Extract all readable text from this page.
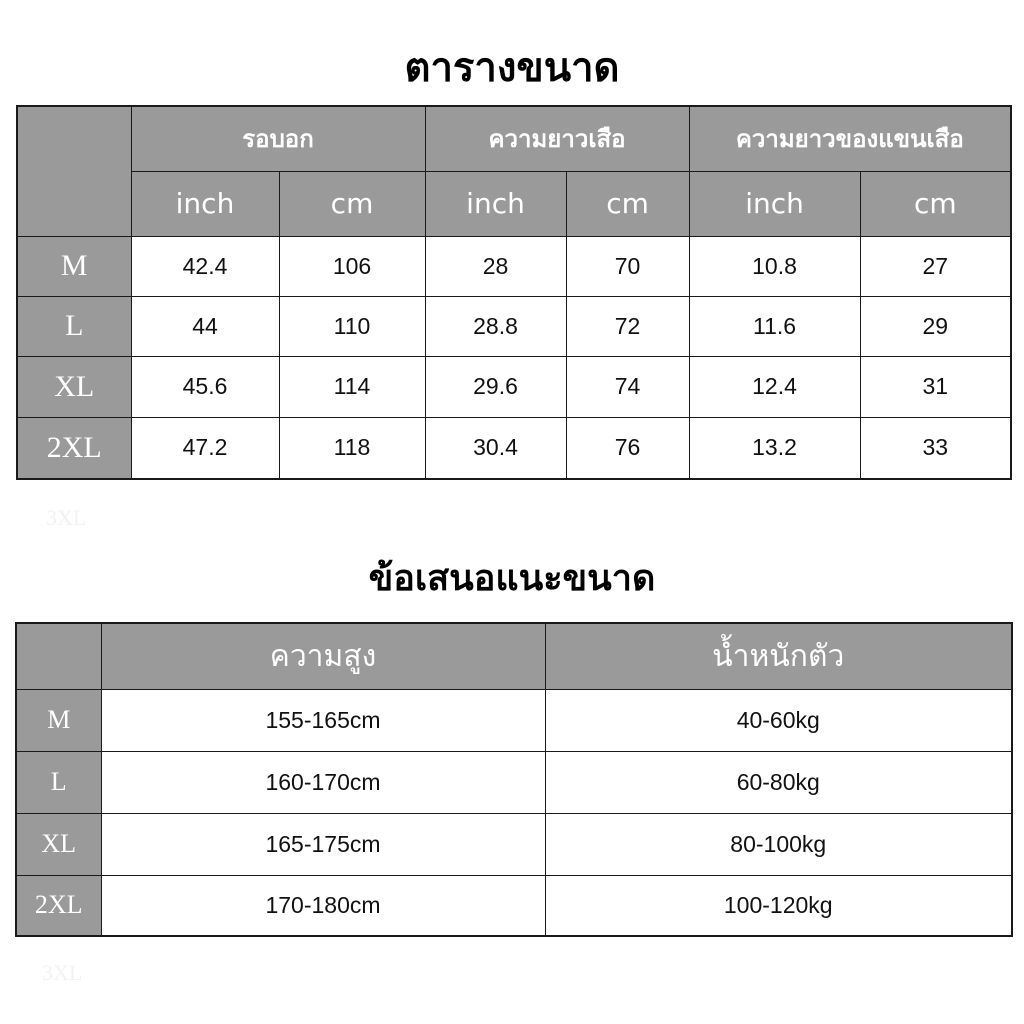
ตารางขนาด
	รอบอก		ความยาวเสือ		ความยาวของแขนเสือ	
	inch	cm	inch	cm	inch	cm
M	42.4	106	28	70	10.8	27
L	44	110	28.8	72	11.6	29
XL	45.6	114	29.6	74	12.4	31
2XL	47.2	118	30.4	76	13.2	33
3XL
ข้อเสนอแนะขนาด
	ความสูง	น้ำหนักตัว
M	155-165cm	40-60kg
L	160-170cm	60-80kg
XL	165-175cm	80-100kg
2XL	170-180cm	100-120kg
3XL
